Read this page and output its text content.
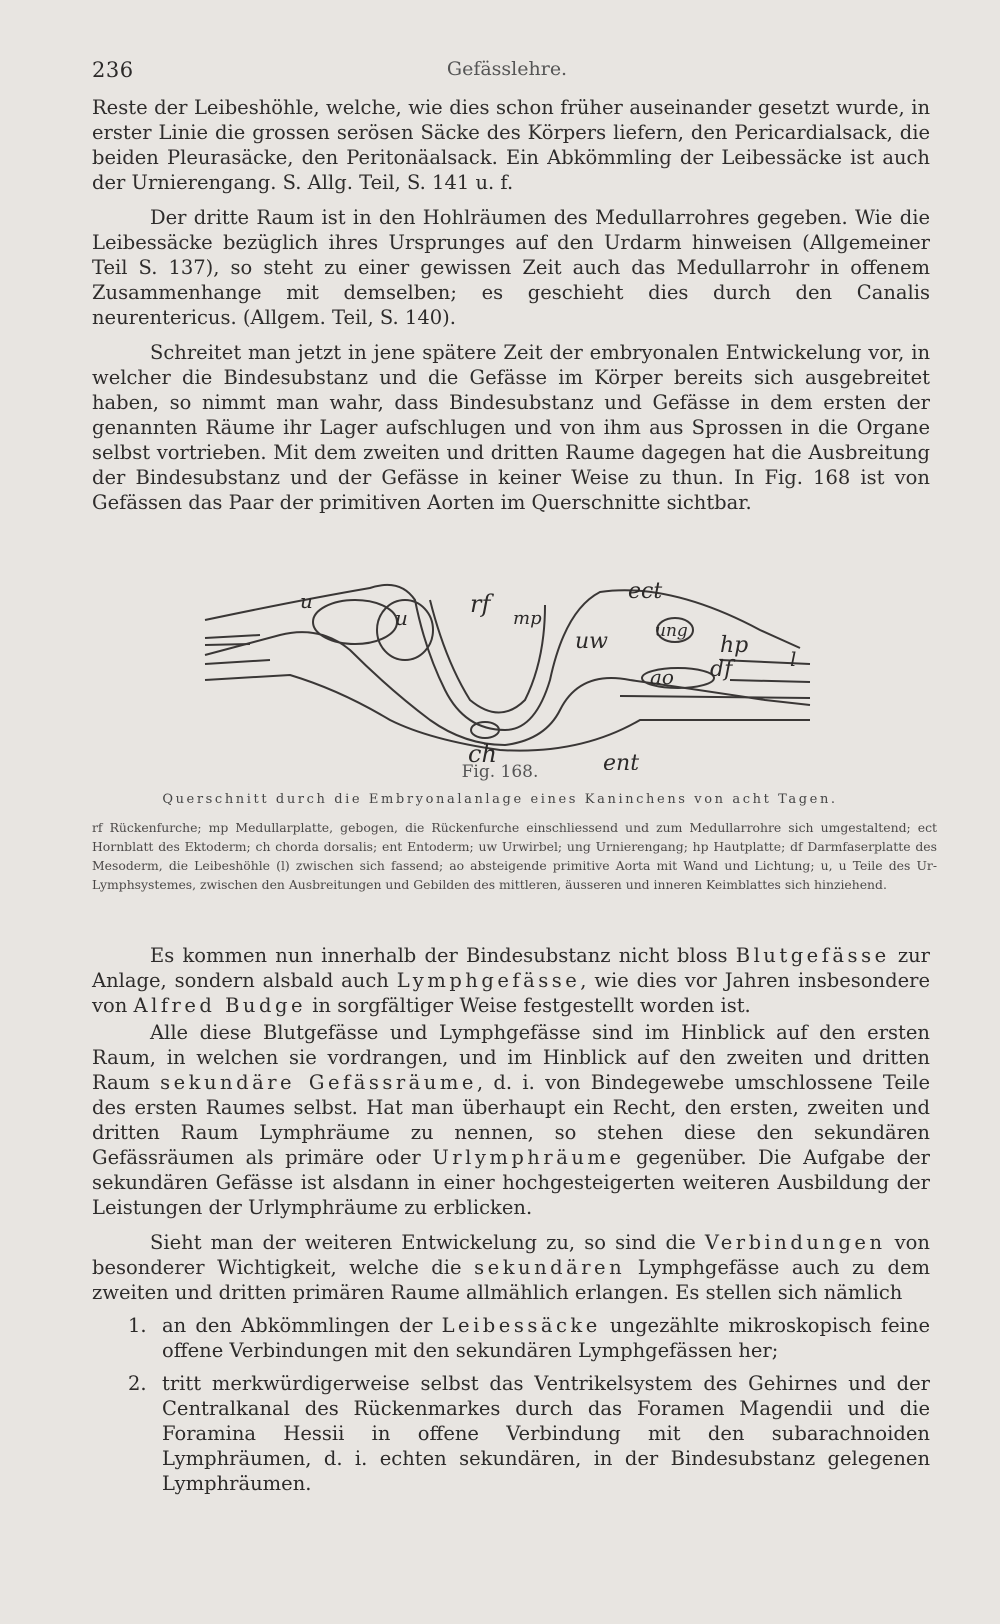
236	Gefässlehre.

Reste der Leibeshöhle, welche, wie dies schon früher auseinander gesetzt wurde, in erster Linie die grossen serösen Säcke des Körpers liefern, den Pericardialsack, die beiden Pleurasäcke, den Peritonäalsack. Ein Abkömmling der Leibessäcke ist auch der Urnierengang. S. Allg. Teil, S. 141 u. f.

Der dritte Raum ist in den Hohlräumen des Medullarrohres gegeben. Wie die Leibessäcke bezüglich ihres Ursprunges auf den Urdarm hinweisen (Allgemeiner Teil S. 137), so steht zu einer gewissen Zeit auch das Medullarrohr in offenem Zusammenhange mit demselben; es geschieht dies durch den Canalis neurentericus. (Allgem. Teil, S. 140).

Schreitet man jetzt in jene spätere Zeit der embryonalen Entwickelung vor, in welcher die Bindesubstanz und die Gefässe im Körper bereits sich ausgebreitet haben, so nimmt man wahr, dass Bindesubstanz und Gefässe in dem ersten der genannten Räume ihr Lager aufschlugen und von ihm aus Sprossen in die Organe selbst vortrieben. Mit dem zweiten und dritten Raume dagegen hat die Ausbreitung der Bindesubstanz und der Gefässe in keiner Weise zu thun. In Fig. 168 ist von Gefässen das Paar der primitiven Aorten im Querschnitte sichtbar.

u
u	rf
mp
ect
uw	ung
hp
l
df
ao
ch	ent
Fig. 168.
Querschnitt durch die Embryonalanlage eines Kaninchens von acht Tagen.

rf Rückenfurche; mp Medullarplatte, gebogen, die Rückenfurche einschliessend und zum Medullarrohre sich umgestaltend; ect Hornblatt des Ektoderm; ch chorda dorsalis; ent Entoderm; uw Urwirbel; ung Urnierengang; hp Hautplatte; df Darmfaserplatte des Mesoderm, die Leibeshöhle (l) zwischen sich fassend; ao absteigende primitive Aorta mit Wand und Lichtung; u, u Teile des Ur-Lymphsystemes, zwischen den Ausbreitungen und Gebilden des mittleren, äusseren und inneren Keimblattes sich hinziehend.

Es kommen nun innerhalb der Bindesubstanz nicht bloss Blutgefässe zur Anlage, sondern alsbald auch Lymphgefässe, wie dies vor Jahren insbesondere von Alfred Budge in sorgfältiger Weise festgestellt worden ist.

Alle diese Blutgefässe und Lymphgefässe sind im Hinblick auf den ersten Raum, in welchen sie vordrangen, und im Hinblick auf den zweiten und dritten Raum sekundäre Gefässräume, d. i. von Bindegewebe umschlossene Teile des ersten Raumes selbst. Hat man überhaupt ein Recht, den ersten, zweiten und dritten Raum Lymphräume zu nennen, so stehen diese den sekundären Gefässräumen als primäre oder Urlymphräume gegenüber. Die Aufgabe der sekundären Gefässe ist alsdann in einer hochgesteigerten weiteren Ausbildung der Leistungen der Urlymphräume zu erblicken.

Sieht man der weiteren Entwickelung zu, so sind die Verbindungen von besonderer Wichtigkeit, welche die sekundären Lymphgefässe auch zu dem zweiten und dritten primären Raume allmählich erlangen. Es stellen sich nämlich

1. an den Abkömmlingen der Leibessäcke ungezählte mikroskopisch feine offene Verbindungen mit den sekundären Lymphgefässen her;
2. tritt merkwürdigerweise selbst das Ventrikelsystem des Gehirnes und der Centralkanal des Rückenmarkes durch das Foramen Magendii und die Foramina Hessii in offene Verbindung mit den subarachnoiden Lymphräumen, d. i. echten sekundären, in der Bindesubstanz gelegenen Lymphräumen.
